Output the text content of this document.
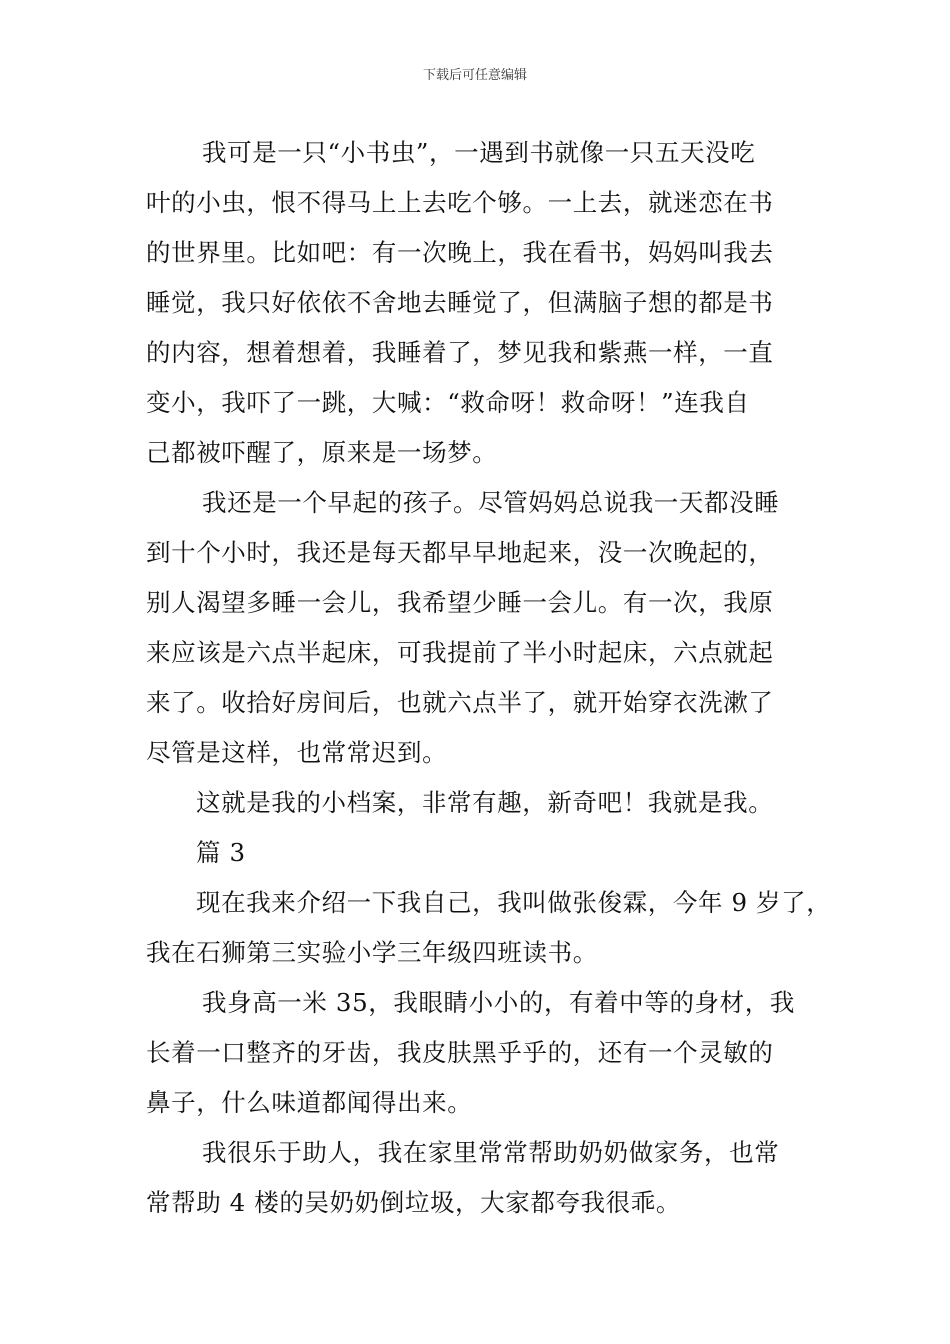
下载后可任意编辑
我可是一只“小书虫”，一遇到书就像一只五天没吃
叶的小虫，恨不得马上上去吃个够。一上去，就迷恋在书
的世界里。比如吧：有一次晚上，我在看书，妈妈叫我去
睡觉，我只好依依不舍地去睡觉了，但满脑子想的都是书
的内容，想着想着，我睡着了，梦见我和紫燕一样，一直
变小，我吓了一跳，大喊：“救命呀！救命呀！”连我自
己都被吓醒了，原来是一场梦。
我还是一个早起的孩子。尽管妈妈总说我一天都没睡
到十个小时，我还是每天都早早地起来，没一次晚起的，
别人渴望多睡一会儿，我希望少睡一会儿。有一次，我原
来应该是六点半起床，可我提前了半小时起床，六点就起
来了。收拾好房间后，也就六点半了，就开始穿衣洗漱了
尽管是这样，也常常迟到。
这就是我的小档案，非常有趣，新奇吧！我就是我。
篇 3
现在我来介绍一下我自己，我叫做张俊霖，今年 9 岁了，
我在石狮第三实验小学三年级四班读书。
我身高一米 35，我眼睛小小的，有着中等的身材，我
长着一口整齐的牙齿，我皮肤黑乎乎的，还有一个灵敏的
鼻子，什么味道都闻得出来。
我很乐于助人，我在家里常常帮助奶奶做家务，也常
常帮助 4 楼的吴奶奶倒垃圾，大家都夸我很乖。
